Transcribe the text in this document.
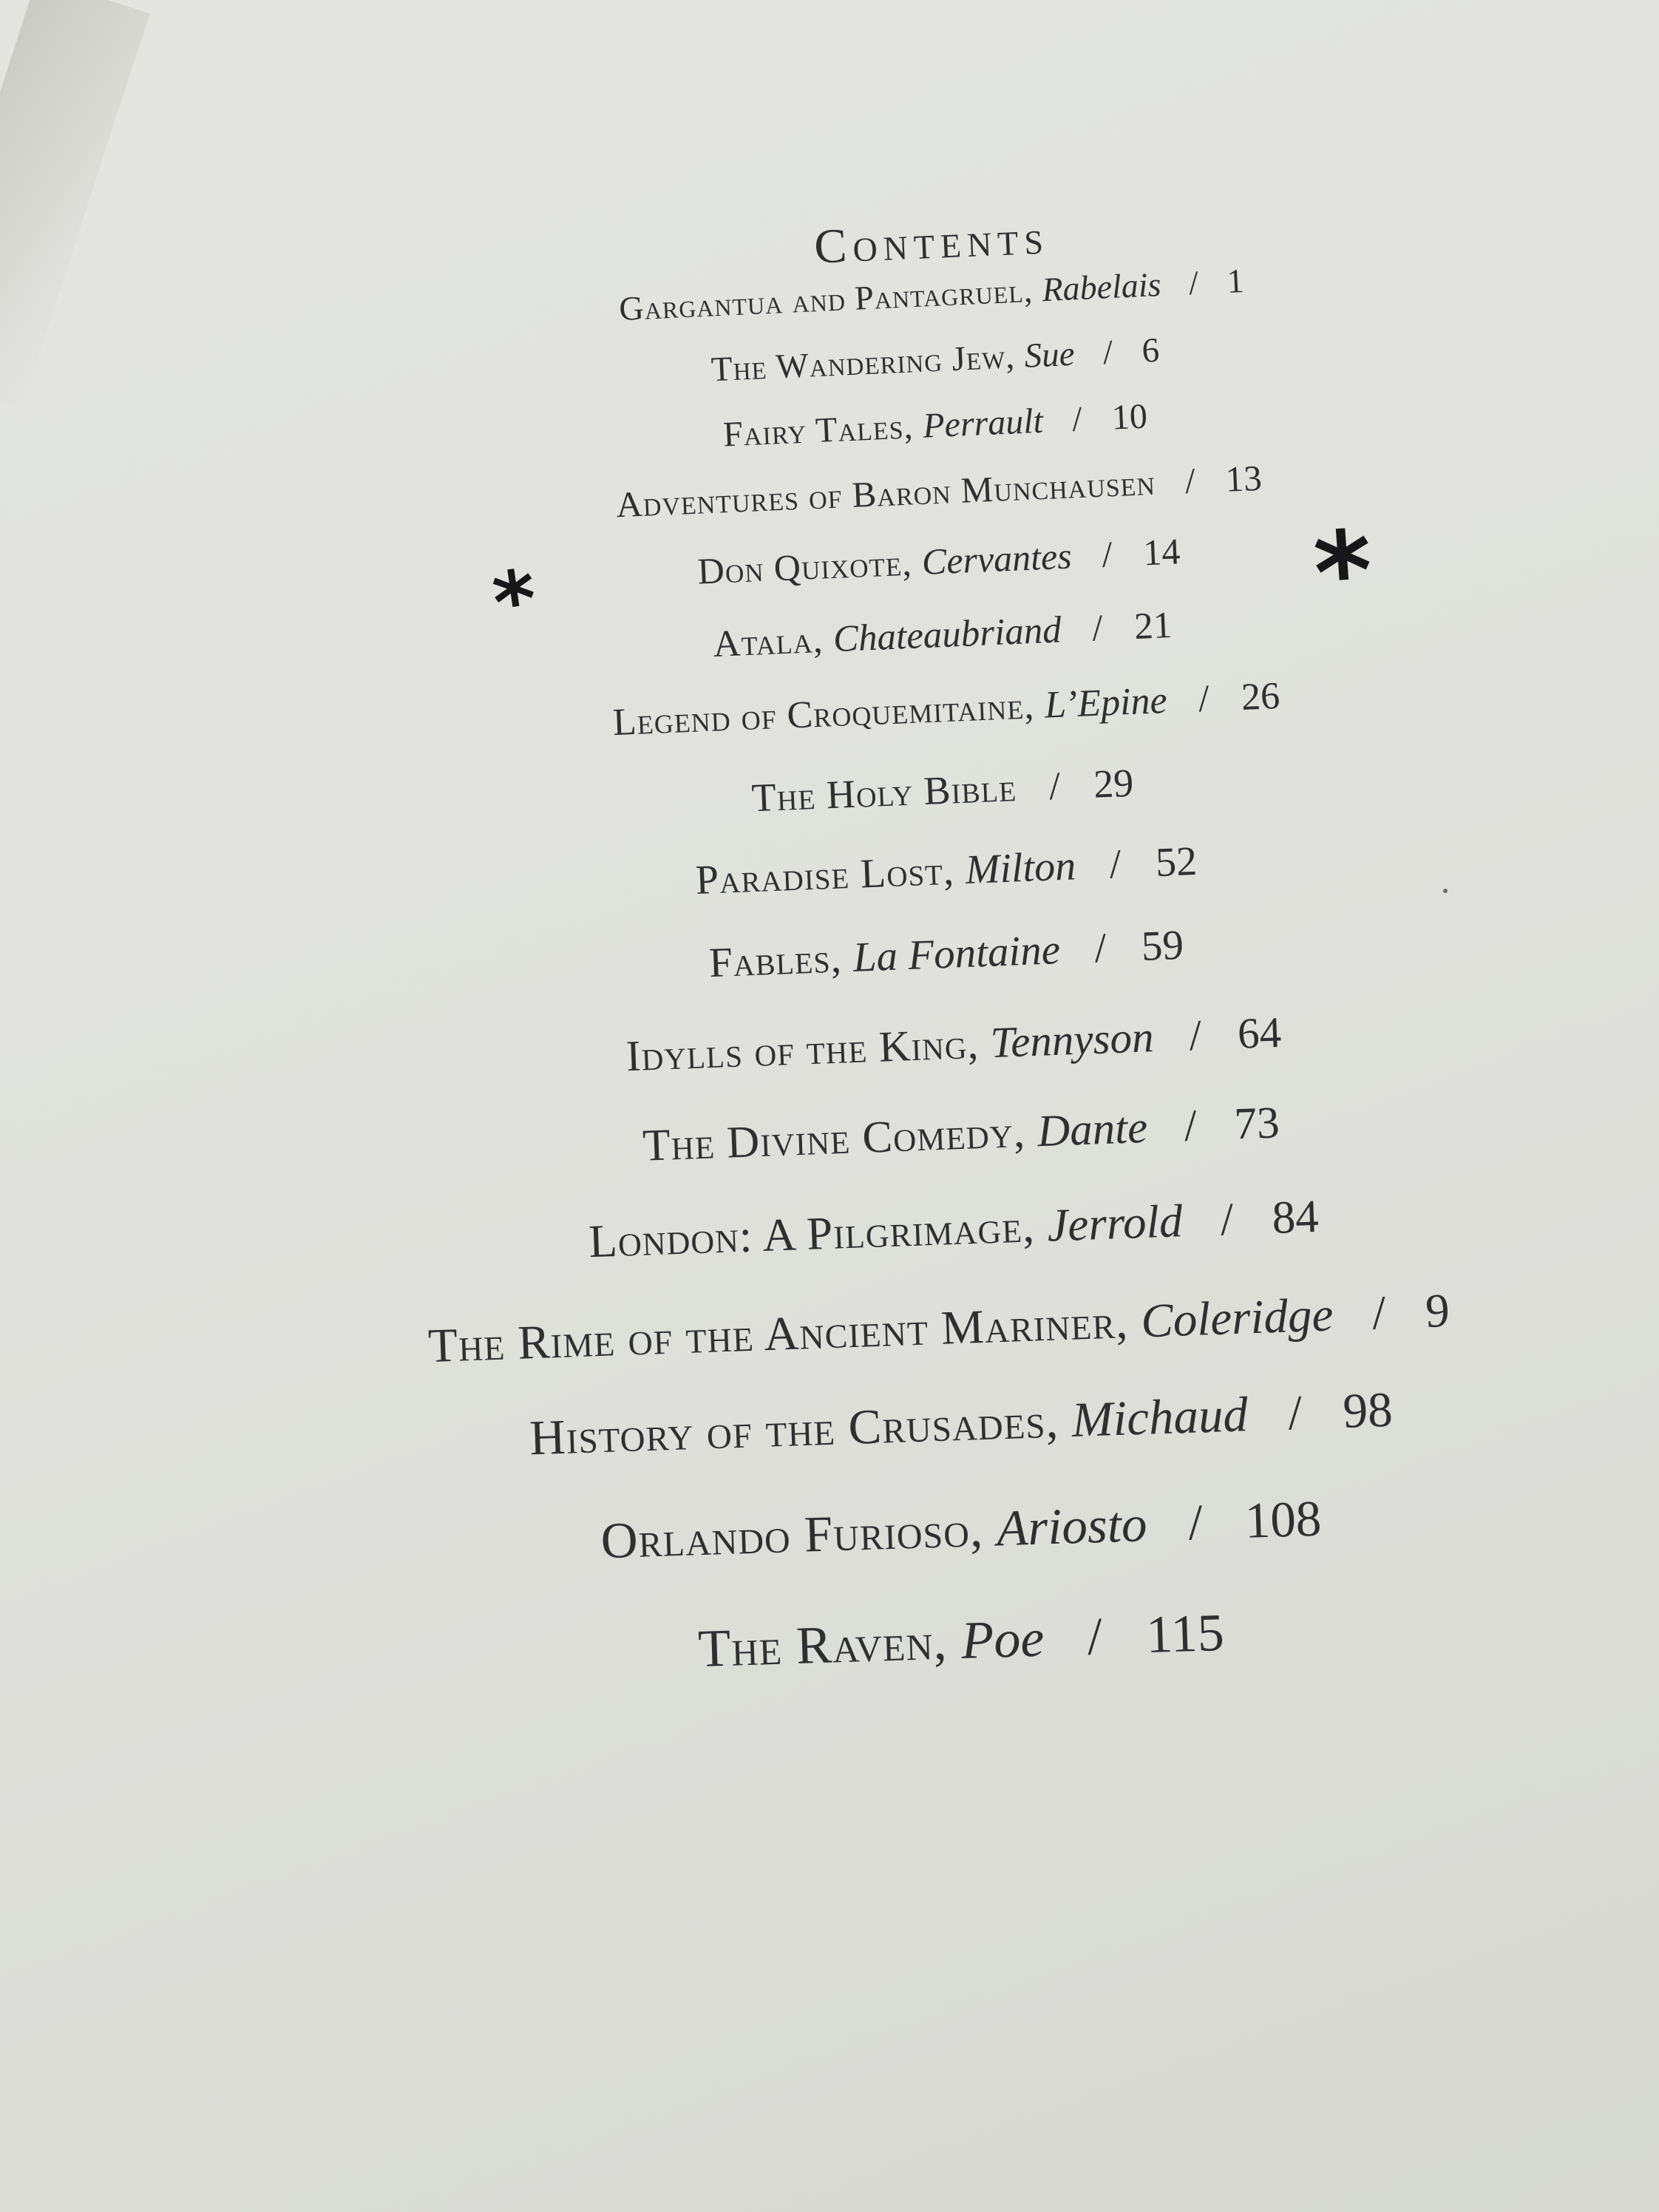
Contents
Gargantua and Pantagruel, Rabelais / 1
The Wandering Jew, Sue / 6
Fairy Tales, Perrault / 10
Adventures of Baron Munchausen / 13
Don Quixote, Cervantes / 14
Atala, Chateaubriand / 21
Legend of Croquemitaine, L’Epine / 26
The Holy Bible / 29
Paradise Lost, Milton / 52
Fables, La Fontaine / 59
Idylls of the King, Tennyson / 64
The Divine Comedy, Dante / 73
London: A Pilgrimage, Jerrold / 84
The Rime of the Ancient Mariner, Coleridge / 9
History of the Crusades, Michaud / 98
Orlando Furioso, Ariosto / 108
The Raven, Poe / 115
*	*
